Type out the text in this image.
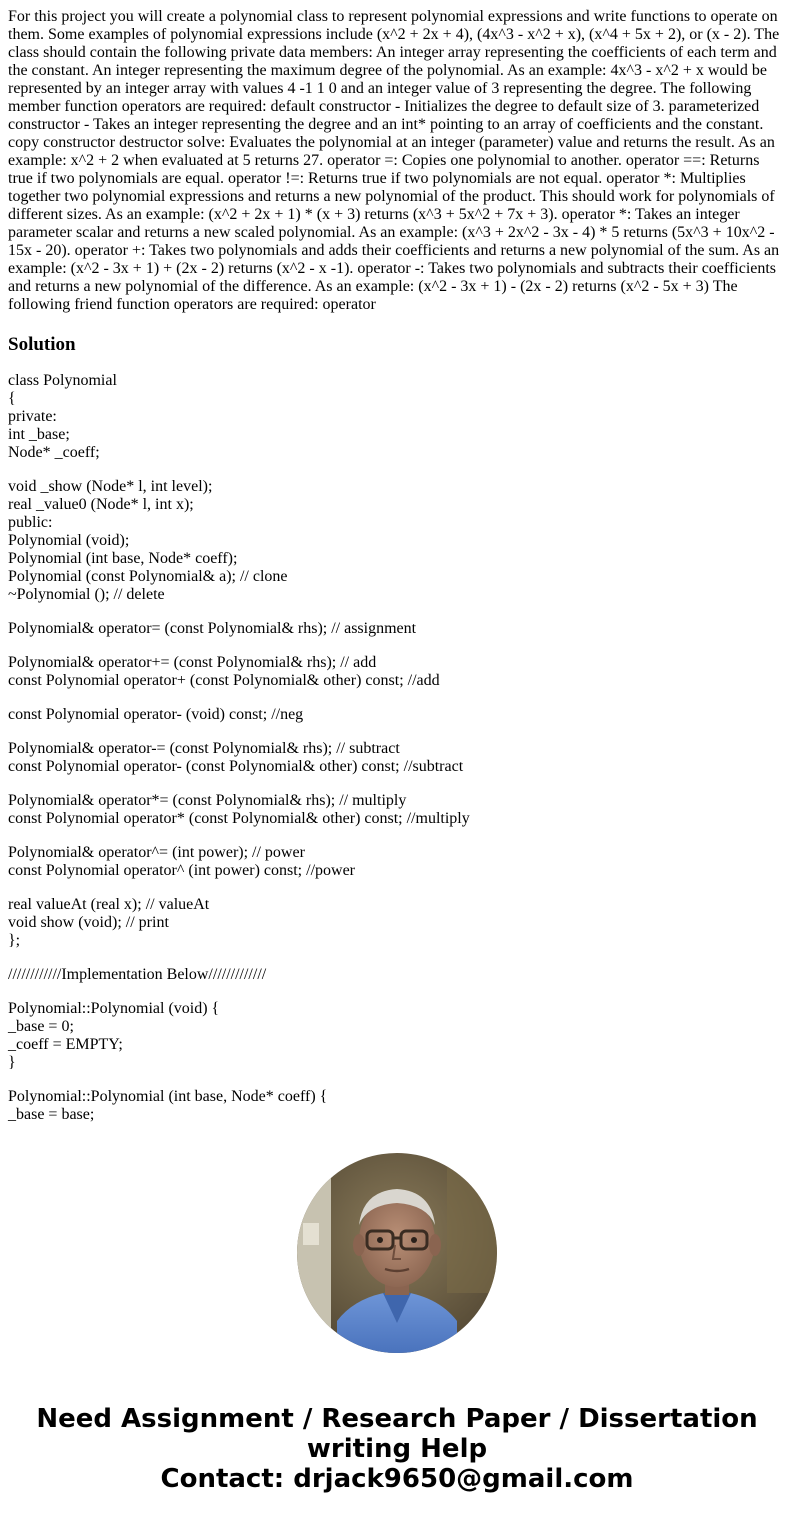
For this project you will create a polynomial class to represent polynomial expressions and write functions to operate on them. Some examples of polynomial expressions include (x^2 + 2x + 4), (4x^3 - x^2 + x), (x^4 + 5x + 2), or (x - 2). The class should contain the following private data members: An integer array representing the coefficients of each term and the constant. An integer representing the maximum degree of the polynomial. As an example: 4x^3 - x^2 + x would be represented by an integer array with values 4 -1 1 0 and an integer value of 3 representing the degree. The following member function operators are required: default constructor - Initializes the degree to default size of 3. parameterized constructor - Takes an integer representing the degree and an int* pointing to an array of coefficients and the constant. copy constructor destructor solve: Evaluates the polynomial at an integer (parameter) value and returns the result. As an example: x^2 + 2 when evaluated at 5 returns 27. operator =: Copies one polynomial to another. operator ==: Returns true if two polynomials are equal. operator !=: Returns true if two polynomials are not equal. operator *: Multiplies together two polynomial expressions and returns a new polynomial of the product. This should work for polynomials of different sizes. As an example: (x^2 + 2x + 1) * (x + 3) returns (x^3 + 5x^2 + 7x + 3). operator *: Takes an integer parameter scalar and returns a new scaled polynomial. As an example: (x^3 + 2x^2 - 3x - 4) * 5 returns (5x^3 + 10x^2 - 15x - 20). operator +: Takes two polynomials and adds their coefficients and returns a new polynomial of the sum. As an example: (x^2 - 3x + 1) + (2x - 2) returns (x^2 - x -1). operator -: Takes two polynomials and subtracts their coefficients and returns a new polynomial of the difference. As an example: (x^2 - 3x + 1) - (2x - 2) returns (x^2 - 5x + 3) The following friend function operators are required: operator

Solution
class Polynomial
{
private:
int _base;
Node* _coeff;
void _show (Node* l, int level);
real _value0 (Node* l, int x);
public:
Polynomial (void);
Polynomial (int base, Node* coeff);
Polynomial (const Polynomial& a); // clone
~Polynomial (); // delete
Polynomial& operator= (const Polynomial& rhs); // assignment
Polynomial& operator+= (const Polynomial& rhs); // add
const Polynomial operator+ (const Polynomial& other) const; //add
const Polynomial operator- (void) const; //neg
Polynomial& operator-= (const Polynomial& rhs); // subtract
const Polynomial operator- (const Polynomial& other) const; //subtract
Polynomial& operator*= (const Polynomial& rhs); // multiply
const Polynomial operator* (const Polynomial& other) const; //multiply
Polynomial& operator^= (int power); // power
const Polynomial operator^ (int power) const; //power
real valueAt (real x); // valueAt
void show (void); // print
};
////////////Implementation Below/////////////
Polynomial::Polynomial (void) {
_base = 0;
_coeff = EMPTY;
}
Polynomial::Polynomial (int base, Node* coeff) {
_base = base;
Need Assignment / Research Paper / Dissertation
writing Help
Contact: drjack9650@gmail.com
